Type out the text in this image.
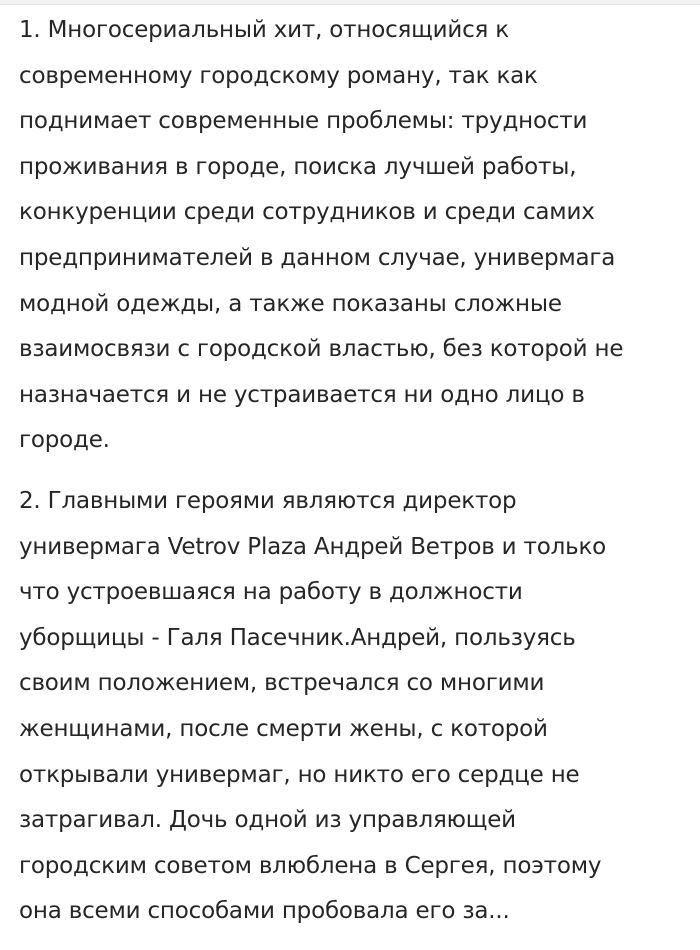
1. Многосериальный хит, относящийся к
современному городскому роману, так как
поднимает современные проблемы: трудности
проживания в городе, поиска лучшей работы,
конкуренции среди сотрудников и среди самих
предпринимателей в данном случае, универмага
модной одежды, а также показаны сложные
взаимосвязи с городской властью, без которой не
назначается и не устраивается ни одно лицо в
городе.

2. Главными героями являются директор
универмага Vetrov Plaza Андрей Ветров и только
что устроевшаяся на работу в должности
уборщицы - Галя Пасечник.Андрей, пользуясь
своим положением, встречался со многими
женщинами, после смерти жены, с которой
открывали универмаг, но никто его сердце не
затрагивал. Дочь одной из управляющей
городским советом влюблена в Сергея, поэтому
она всеми способами пробовала его за...
